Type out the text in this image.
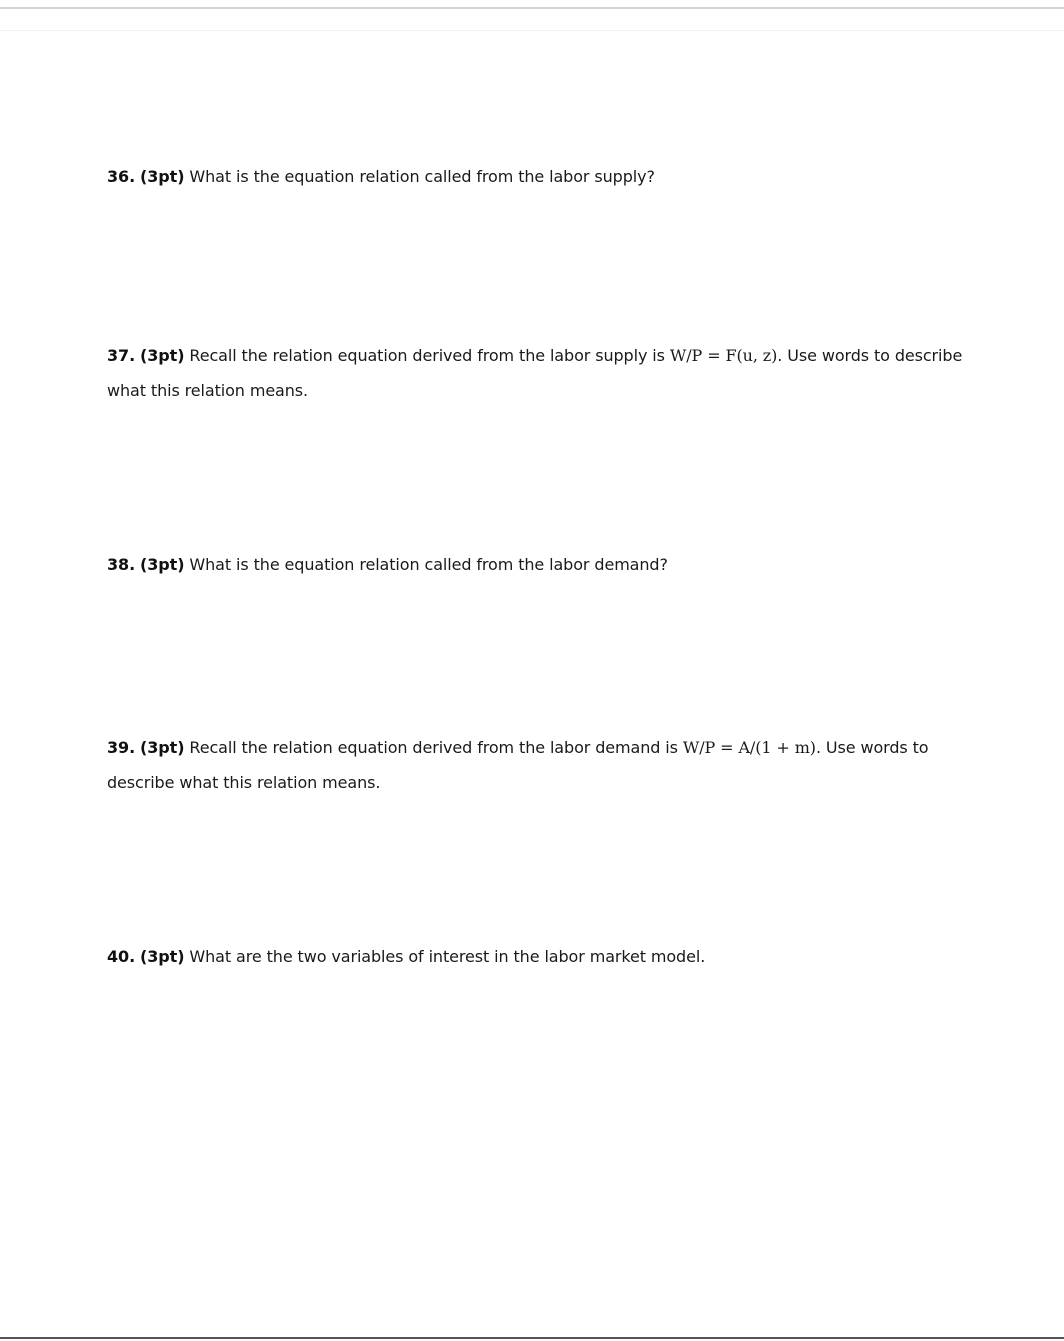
36. (3pt) What is the equation relation called from the labor supply?
37. (3pt) Recall the relation equation derived from the labor supply is W/P = F(u, z). Use words to describe what this relation means.
38. (3pt) What is the equation relation called from the labor demand?
39. (3pt) Recall the relation equation derived from the labor demand is W/P = A/(1 + m). Use words to describe what this relation means.
40. (3pt) What are the two variables of interest in the labor market model.
